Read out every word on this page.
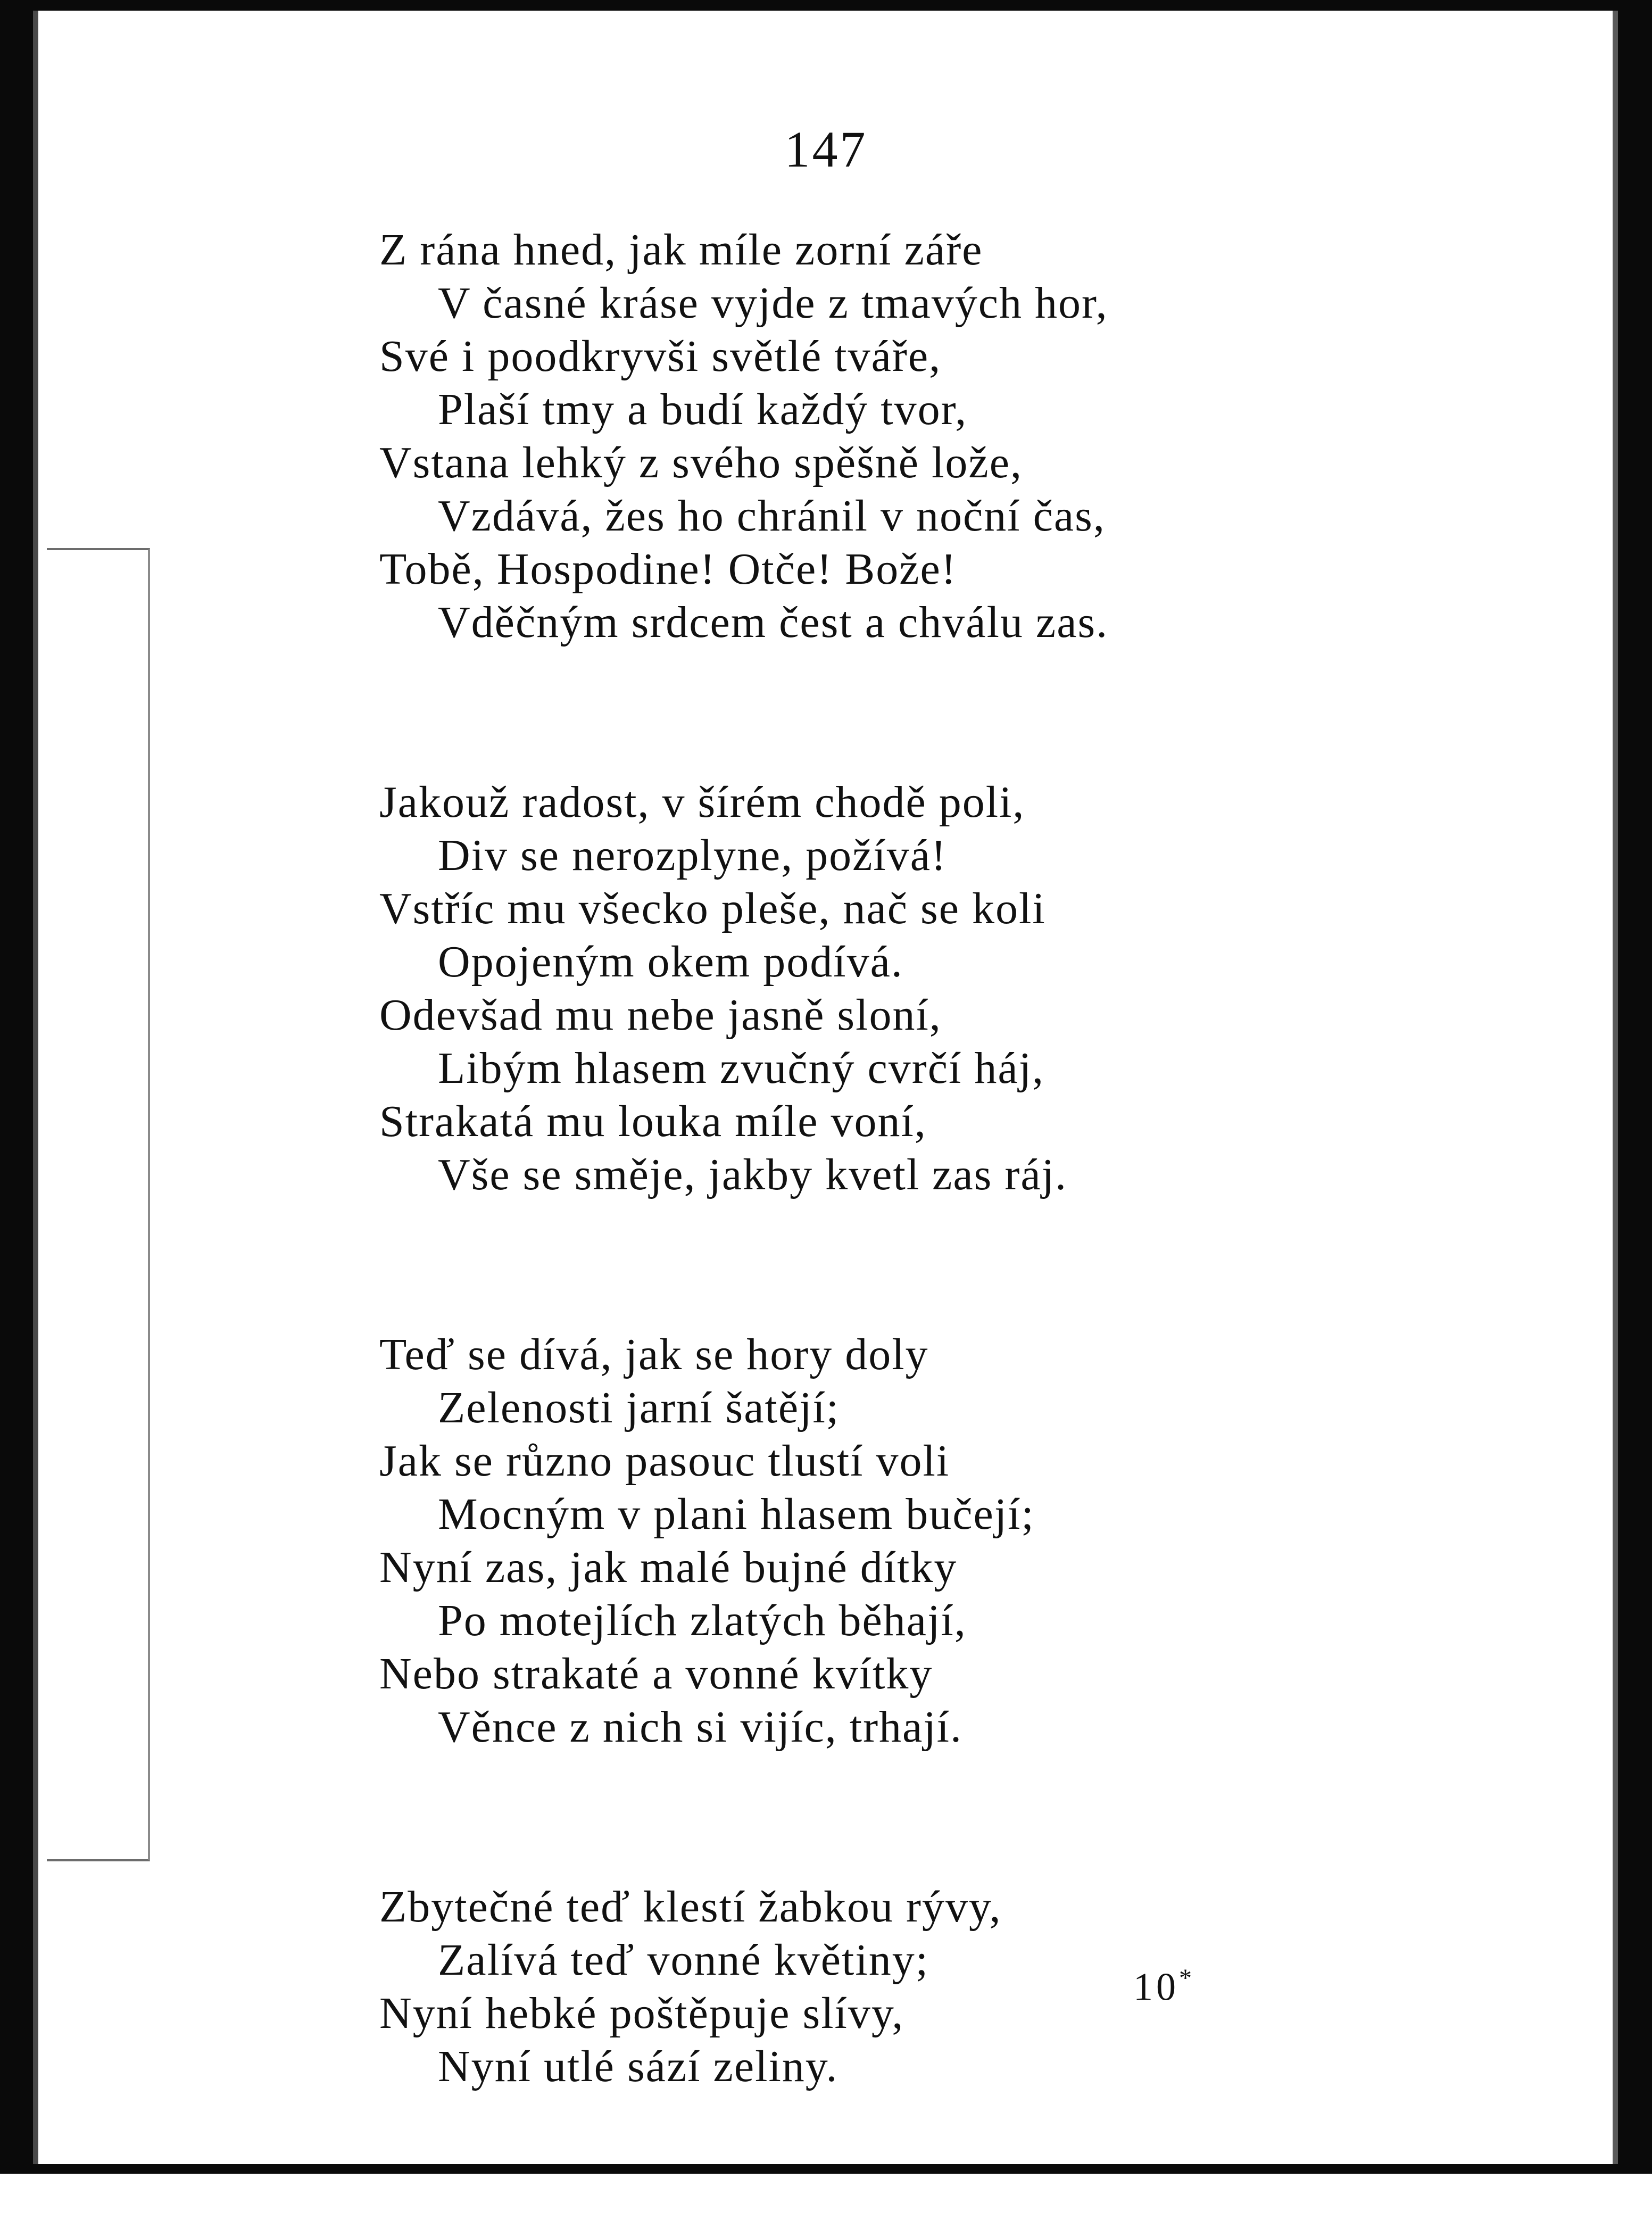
147
Z rána hned, jak míle zorní záře
V časné kráse vyjde z tmavých hor,
Své i poodkryvši světlé tváře,
Plaší tmy a budí každý tvor,
Vstana lehký z svého spěšně lože,
Vzdává, žes ho chránil v noční čas,
Tobě, Hospodine! Otče! Bože!
Vděčným srdcem čest a chválu zas.
Jakouž radost, v šírém chodě poli,
Div se nerozplyne, požívá!
Vstříc mu všecko pleše, nač se koli
Opojeným okem podívá.
Odevšad mu nebe jasně sloní,
Libým hlasem zvučný cvrčí háj,
Strakatá mu louka míle voní,
Vše se směje, jakby kvetl zas ráj.
Teď se dívá, jak se hory doly
Zelenosti jarní šatějí;
Jak se různo pasouc tlustí voli
Mocným v plani hlasem bučejí;
Nyní zas, jak malé bujné dítky
Po motejlích zlatých běhají,
Nebo strakaté a vonné kvítky
Věnce z nich si vijíc, trhají.
Zbytečné teď klestí žabkou rývy,
Zalívá teď vonné květiny;
Nyní hebké poštěpuje slívy,
Nyní utlé sází zeliny.
10*
